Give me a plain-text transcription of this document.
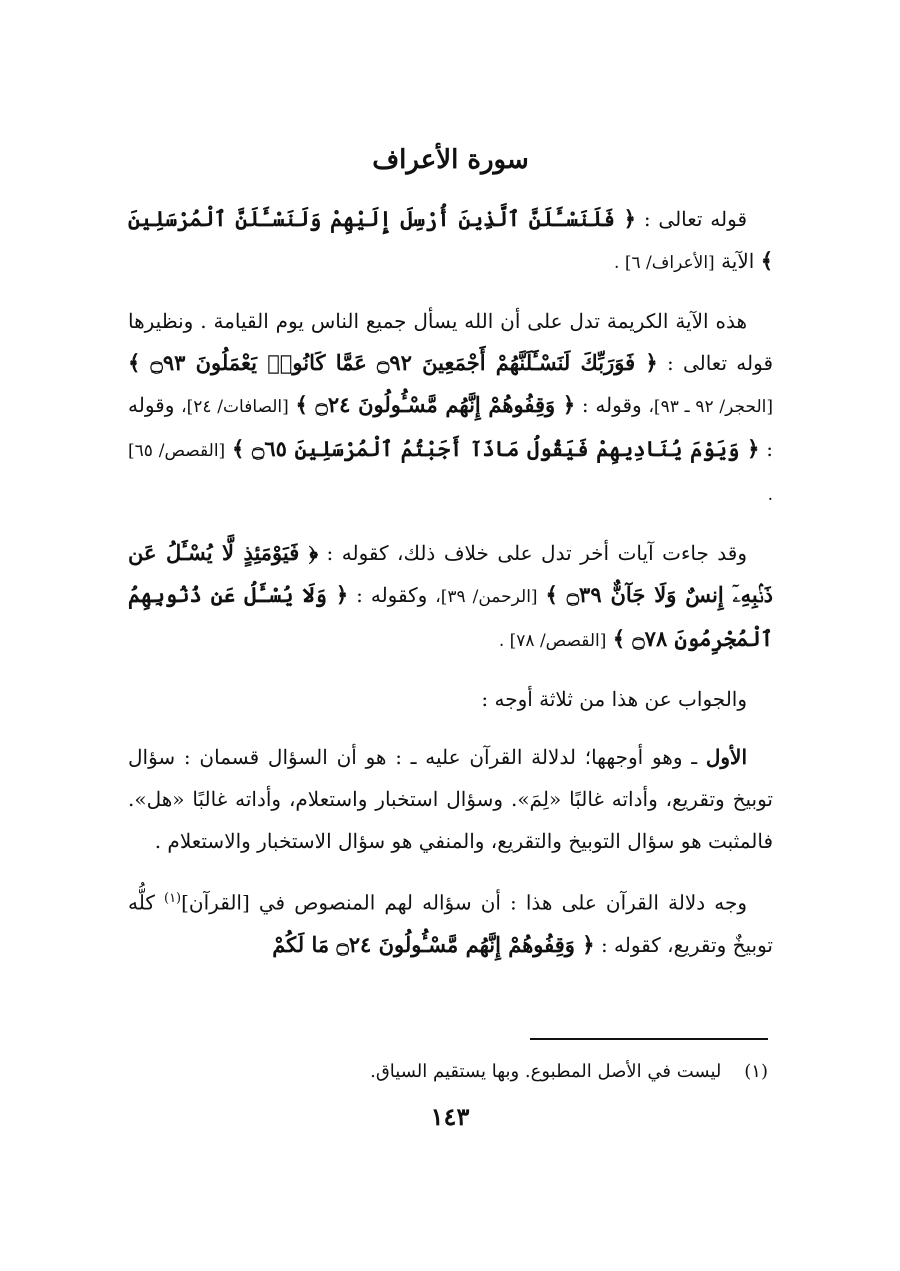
سورة الأعراف

قوله تعالى : ﴿ فَلَنَسْـَٔلَنَّ ٱلَّذِينَ أُرْسِلَ إِلَيْهِمْ وَلَنَسْـَٔلَنَّ ٱلْمُرْسَلِينَ ﴾ الآية [الأعراف/ ٦] .

هذه الآية الكريمة تدل على أن الله يسأل جميع الناس يوم القيامة . ونظيرها قوله تعالى : ﴿ فَوَرَبِّكَ لَنَسْـَٔلَنَّهُمْ أَجْمَعِينَ ۝٩٢ عَمَّا كَانُوا۟ يَعْمَلُونَ ۝٩٣ ﴾ [الحجر/ ٩٢ ـ ٩٣]، وقوله : ﴿ وَقِفُوهُمْ إِنَّهُم مَّسْـُٔولُونَ ۝٢٤ ﴾ [الصافات/ ٢٤]، وقوله : ﴿ وَيَوْمَ يُنَادِيهِمْ فَيَقُولُ مَاذَآ أَجَبْتُمُ ٱلْمُرْسَلِينَ ۝٦٥ ﴾ [القصص/ ٦٥] .

وقد جاءت آيات أخر تدل على خلاف ذلك، كقوله : ﴿ فَيَوْمَئِذٍ لَّا يُسْـَٔلُ عَن ذَنۢبِهِۦٓ إِنسٌ وَلَا جَآنٌّ ۝٣٩ ﴾ [الرحمن/ ٣٩]، وكقوله : ﴿ وَلَا يُسْـَٔلُ عَن ذُنُوبِهِمُ ٱلْمُجْرِمُونَ ۝٧٨ ﴾ [القصص/ ٧٨] .

والجواب عن هذا من ثلاثة أوجه :

الأول ـ وهو أوجهها؛ لدلالة القرآن عليه ـ : هو أن السؤال قسمان : سؤال توبيخ وتقريع، وأداته غالبًا «لِمَ». وسؤال استخبار واستعلام، وأداته غالبًا «هل». فالمثبت هو سؤال التوبيخ والتقريع، والمنفي هو سؤال الاستخبار والاستعلام .

وجه دلالة القرآن على هذا : أن سؤاله لهم المنصوص في [القرآن]$^{(١)}$ كلُّه توبيخٌ وتقريع، كقوله : ﴿ وَقِفُوهُمْ إِنَّهُم مَّسْـُٔولُونَ ۝٢٤ مَا لَكُمْ

(١)    ليست في الأصل المطبوع. وبها يستقيم السياق.
١٤٣
